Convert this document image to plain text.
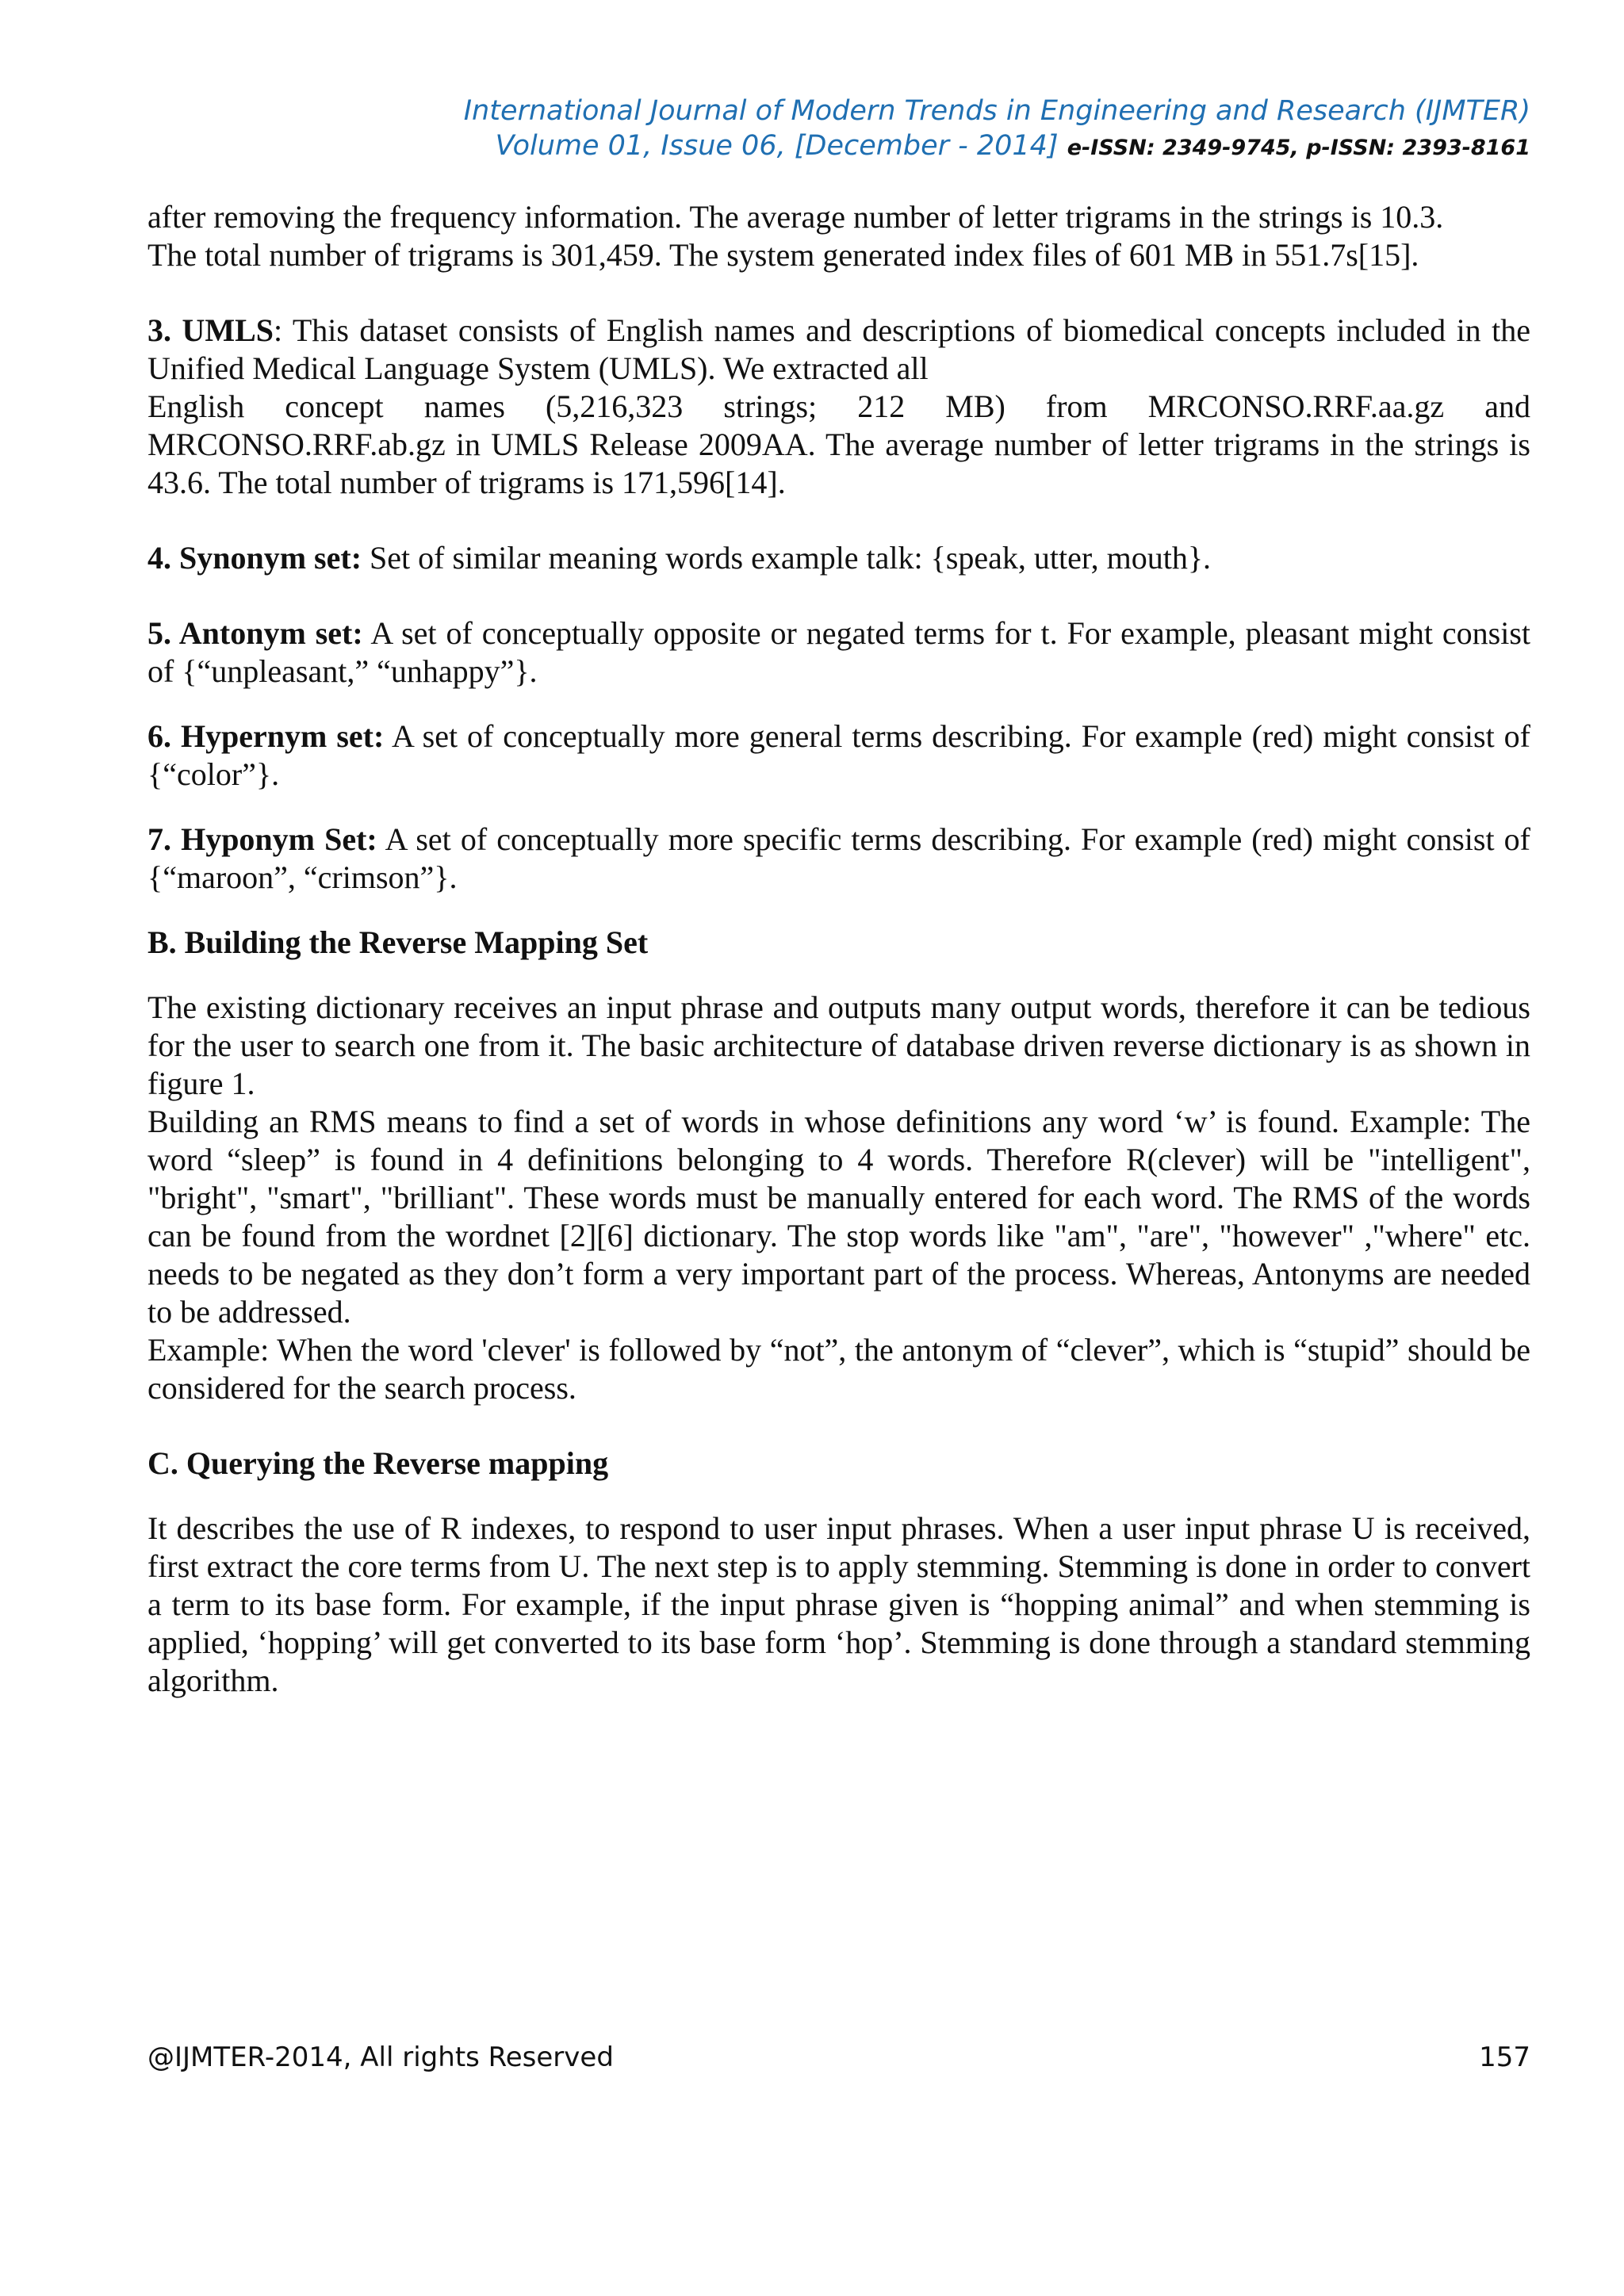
International Journal of Modern Trends in Engineering and Research (IJMTER)
Volume 01, Issue 06, [December - 2014] e-ISSN: 2349-9745, p-ISSN: 2393-8161

after removing the frequency information. The average number of letter trigrams in the strings is 10.3.

The total number of trigrams is 301,459. The system generated index files of 601 MB in 551.7s[15].

3. UMLS: This dataset consists of English names and descriptions of biomedical concepts included in the Unified Medical Language System (UMLS). We extracted all

English concept names (5,216,323 strings; 212 MB) from MRCONSO.RRF.aa.gz and MRCONSO.RRF.ab.gz in UMLS Release 2009AA. The average number of letter trigrams in the strings is 43.6. The total number of trigrams is 171,596[14].

4. Synonym set: Set of similar meaning words example talk: {speak, utter, mouth}.

5. Antonym set: A set of conceptually opposite or negated terms for t. For example, pleasant might consist of {“unpleasant,” “unhappy”}.

6. Hypernym set: A set of conceptually more general terms describing. For example (red) might consist of {“color”}.

7. Hyponym Set: A set of conceptually more specific terms describing. For example (red) might consist of {“maroon”, “crimson”}.

B. Building the Reverse Mapping Set

The existing dictionary receives an input phrase and outputs many output words, therefore it can be tedious for the user to search one from it. The basic architecture of database driven reverse dictionary is as shown in figure 1.

Building an RMS means to find a set of words in whose definitions any word ‘w’ is found. Example: The word “sleep” is found in 4 definitions belonging to 4 words. Therefore R(clever) will be "intelligent", "bright", "smart", "brilliant". These words must be manually entered for each word. The RMS of the words can be found from the wordnet [2][6] dictionary. The stop words like "am", "are", "however" ,"where" etc. needs to be negated as they don’t form a very important part of the process. Whereas, Antonyms are needed to be addressed.

Example: When the word 'clever' is followed by “not”, the antonym of “clever”, which is “stupid” should be considered for the search process.

C. Querying the Reverse mapping

It describes the use of R indexes, to respond to user input phrases. When a user input phrase U is received, first extract the core terms from U. The next step is to apply stemming. Stemming is done in order to convert a term to its base form. For example, if the input phrase given is “hopping animal” and when stemming is applied, ‘hopping’ will get converted to its base form ‘hop’. Stemming is done through a standard stemming algorithm.

@IJMTER-2014, All rights Reserved	157
